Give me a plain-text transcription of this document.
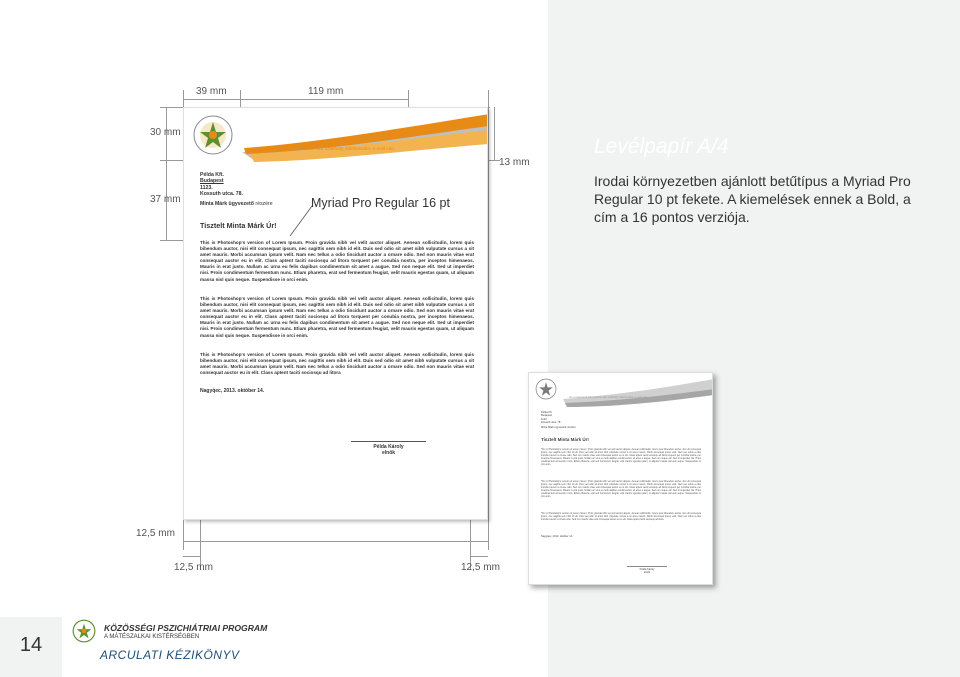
Levélpapír A/4
Irodai környezetben ajánlott betűtípus a Myriad Pro Regular 10 pt fekete. A kiemelések ennek a Bold, a cím a 16 pontos verziója.
39 mm	119 mm
30 mm
37 mm
13 mm
12,5 mm
12,5 mm	12,5 mm
Ide a kiegészítő információk: név, székhely, telefonszám, e-mail cím
Példa Kft.
Budapest
1123.
Kossuth utca. 78.
Minta Márk ügyvezető részére
Tisztelt Minta Márk Úr!
This is Photoshop's version of Lorem Ipsum. Proin gravida nibh vel velit auctor aliquet. Aenean sollicitudin, lorem quis bibendum auctor, nisi elit consequat ipsum, nec sagittis sem nibh id elit. Duis sed odio sit amet nibh vulputate cursus a sit amet mauris. Morbi accumsan ipsum velit. Nam nec tellus a odio tincidunt auctor a ornare odio. Sed non mauris vitae erat consequat auctor eu in elit. Class aptent taciti sociosqu ad litora torquent per conubia nostra, per inceptos himenaeos. Mauris in erat justo. Nullam ac urna eu felis dapibus condimentum sit amet a augue. Sed non neque elit. Sed ut imperdiet nisi. Proin condimentum fermentum nunc. Etiam pharetra, erat sed fermentum feugiat, velit mauris egestas quam, ut aliquam massa nisl quis neque. Suspendisse in orci enim.
This is Photoshop's version of Lorem Ipsum. Proin gravida nibh vel velit auctor aliquet. Aenean sollicitudin, lorem quis bibendum auctor, nisi elit consequat ipsum, nec sagittis sem nibh id elit. Duis sed odio sit amet nibh vulputate cursus a sit amet mauris. Morbi accumsan ipsum velit. Nam nec tellus a odio tincidunt auctor a ornare odio. Sed non mauris vitae erat consequat auctor eu in elit. Class aptent taciti sociosqu ad litora torquent per conubia nostra, per inceptos himenaeos. Mauris in erat justo. Nullam ac urna eu felis dapibus condimentum sit amet a augue. Sed non neque elit. Sed ut imperdiet nisi. Proin condimentum fermentum nunc. Etiam pharetra, erat sed fermentum feugiat, velit mauris egestas quam, ut aliquam massa nisl quis neque. Suspendisse in orci enim.
This is Photoshop's version of Lorem Ipsum. Proin gravida nibh vel velit auctor aliquet. Aenean sollicitudin, lorem quis bibendum auctor, nisi elit consequat ipsum, nec sagittis sem nibh id elit. Duis sed odio sit amet nibh vulputate cursus a sit amet mauris. Morbi accumsan ipsum velit. Nam nec tellus a odio tincidunt auctor a ornare odio. Sed non mauris vitae erat consequat auctor eu in elit. Class aptent taciti sociosqu ad litora
Nagyq́ec, 2013. október 14.
Példa Károly
elnök
Myriad Pro Regular 16 pt
Ide a kiegészítő információk: név, székhely, telefonszám, e-mail cím
Példa Kft.
Budapest
1123.
Kossuth utca. 78.
Minta Márk ügyvezető részére
Tisztelt Minta Márk Úr!
This is Photoshop's version of Lorem Ipsum. Proin gravida nibh vel velit auctor aliquet. Aenean sollicitudin, lorem quis bibendum auctor, nisi elit consequat ipsum, nec sagittis sem nibh id elit. Duis sed odio sit amet nibh vulputate cursus a sit amet mauris. Morbi accumsan ipsum velit. Nam nec tellus a odio tincidunt auctor a ornare odio. Sed non mauris vitae erat consequat auctor eu in elit. Class aptent taciti sociosqu ad litora torquent per conubia nostra, per inceptos himenaeos. Mauris in erat justo. Nullam ac urna eu felis dapibus condimentum sit amet a augue. Sed non neque elit. Sed ut imperdiet nisi. Proin condimentum fermentum nunc. Etiam pharetra, erat sed fermentum feugiat, velit mauris egestas quam, ut aliquam massa nisl quis neque. Suspendisse in orci enim.
This is Photoshop's version of Lorem Ipsum. Proin gravida nibh vel velit auctor aliquet. Aenean sollicitudin, lorem quis bibendum auctor, nisi elit consequat ipsum, nec sagittis sem nibh id elit. Duis sed odio sit amet nibh vulputate cursus a sit amet mauris. Morbi accumsan ipsum velit. Nam nec tellus a odio tincidunt auctor a ornare odio. Sed non mauris vitae erat consequat auctor eu in elit. Class aptent taciti sociosqu ad litora torquent per conubia nostra, per inceptos himenaeos. Mauris in erat justo. Nullam ac urna eu felis dapibus condimentum sit amet a augue. Sed non neque elit. Sed ut imperdiet nisi. Proin condimentum fermentum nunc. Etiam pharetra, erat sed fermentum feugiat, velit mauris egestas quam, ut aliquam massa nisl quis neque. Suspendisse in orci enim.
This is Photoshop's version of Lorem Ipsum. Proin gravida nibh vel velit auctor aliquet. Aenean sollicitudin, lorem quis bibendum auctor, nisi elit consequat ipsum, nec sagittis sem nibh id elit. Duis sed odio sit amet nibh vulputate cursus a sit amet mauris. Morbi accumsan ipsum velit. Nam nec tellus a odio tincidunt auctor a ornare odio. Sed non mauris vitae erat consequat auctor eu in elit. Class aptent taciti sociosqu ad litora
Nagyq́ec, 2013. október 14.
Példa Károly
elnök
14
KÖZÖSSÉGI PSZICHIÁTRIAI PROGRAM
A MÁTÉSZALKAI KISTÉRSÉGBEN
ARCULATI KÉZIKÖNYV
